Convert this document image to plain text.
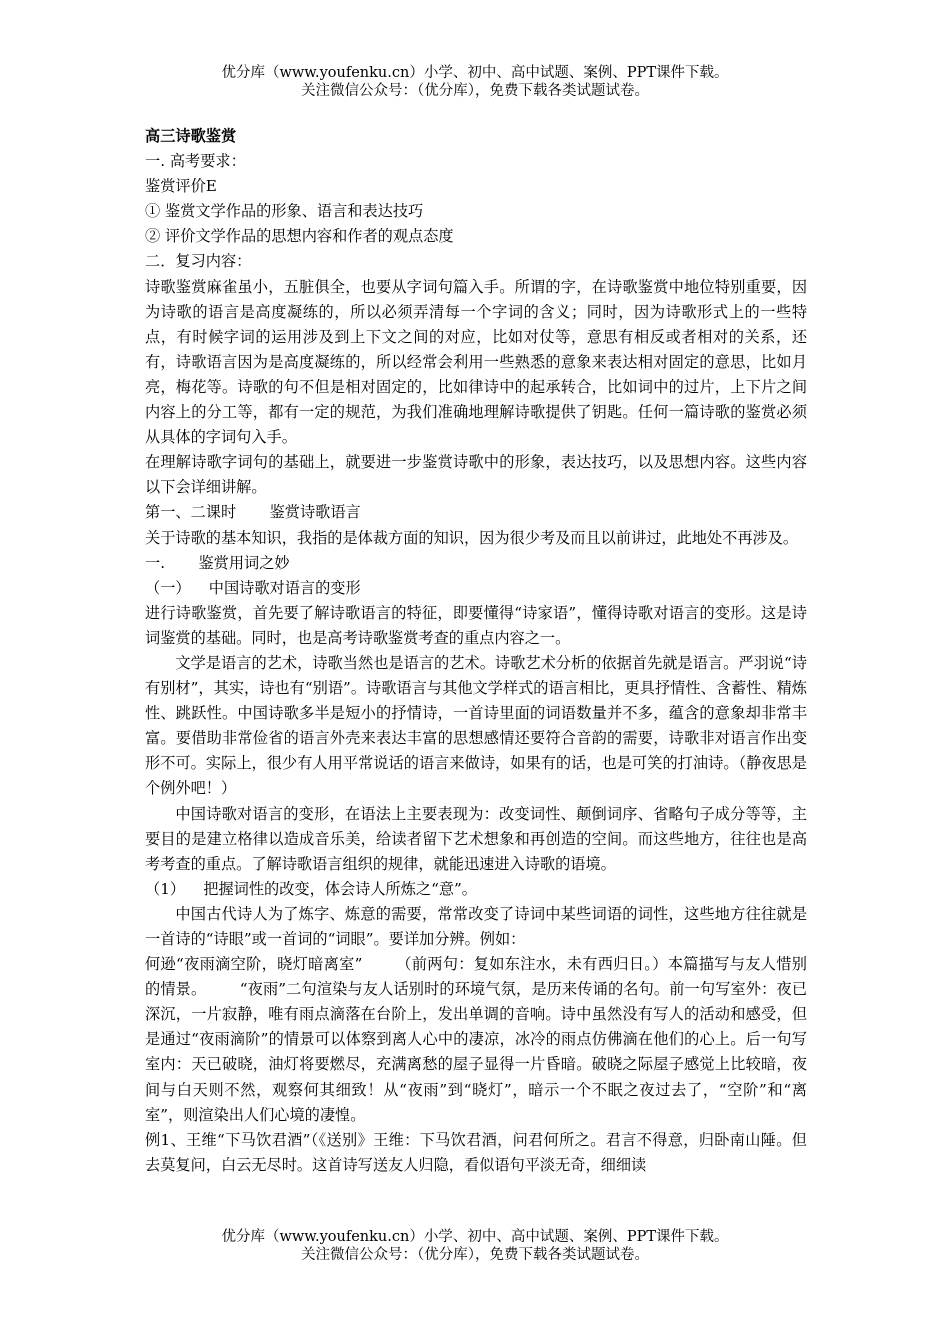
优分库（www.youfenku.cn）小学、初中、高中试题、案例、PPT课件下载。
关注微信公众号：（优分库），免费下载各类试题试卷。

高三诗歌鉴赏

一. 高考要求：

鉴赏评价E

① 鉴赏文学作品的形象、语言和表达技巧

② 评价文学作品的思想内容和作者的观点态度

二．复习内容：

诗歌鉴赏麻雀虽小，五脏俱全，也要从字词句篇入手。所谓的字，在诗歌鉴赏中地位特别重要，因为诗歌的语言是高度凝练的，所以必须弄清每一个字词的含义；同时，因为诗歌形式上的一些特点，有时候字词的运用涉及到上下文之间的对应，比如对仗等，意思有相反或者相对的关系，还有，诗歌语言因为是高度凝练的，所以经常会利用一些熟悉的意象来表达相对固定的意思，比如月亮，梅花等。诗歌的句不但是相对固定的，比如律诗中的起承转合，比如词中的过片，上下片之间内容上的分工等，都有一定的规范，为我们准确地理解诗歌提供了钥匙。任何一篇诗歌的鉴赏必须从具体的字词句入手。

在理解诗歌字词句的基础上，就要进一步鉴赏诗歌中的形象，表达技巧，以及思想内容。这些内容以下会详细讲解。

第一、二课时 鉴赏诗歌语言

关于诗歌的基本知识，我指的是体裁方面的知识，因为很少考及而且以前讲过，此地处不再涉及。

一. 鉴赏用词之妙

（一） 中国诗歌对语言的变形

进行诗歌鉴赏，首先要了解诗歌语言的特征，即要懂得“诗家语”，懂得诗歌对语言的变形。这是诗词鉴赏的基础。同时，也是高考诗歌鉴赏考查的重点内容之一。

文学是语言的艺术，诗歌当然也是语言的艺术。诗歌艺术分析的依据首先就是语言。严羽说“诗有别材”，其实，诗也有“别语”。诗歌语言与其他文学样式的语言相比，更具抒情性、含蓄性、精炼性、跳跃性。中国诗歌多半是短小的抒情诗，一首诗里面的词语数量并不多，蕴含的意象却非常丰富。要借助非常俭省的语言外壳来表达丰富的思想感情还要符合音韵的需要，诗歌非对语言作出变形不可。实际上，很少有人用平常说话的语言来做诗，如果有的话，也是可笑的打油诗。（静夜思是个例外吧！）

中国诗歌对语言的变形，在语法上主要表现为：改变词性、颠倒词序、省略句子成分等等，主要目的是建立格律以造成音乐美，给读者留下艺术想象和再创造的空间。而这些地方，往往也是高考考查的重点。了解诗歌语言组织的规律，就能迅速进入诗歌的语境。

（1） 把握词性的改变，体会诗人所炼之“意”。

中国古代诗人为了炼字、炼意的需要，常常改变了诗词中某些词语的词性，这些地方往往就是一首诗的“诗眼”或一首词的“词眼”。要详加分辨。例如：

何逊“夜雨滴空阶，晓灯暗离室” （前两句：复如东注水，未有西归日。）本篇描写与友人惜别的情景。 “夜雨”二句渲染与友人话别时的环境气氛，是历来传诵的名句。前一句写室外：夜已深沉，一片寂静，唯有雨点滴落在台阶上，发出单调的音响。诗中虽然没有写人的活动和感受，但是通过“夜雨滴阶”的情景可以体察到离人心中的凄凉，冰冷的雨点仿佛滴在他们的心上。后一句写室内：天已破晓，油灯将要燃尽，充满离愁的屋子显得一片昏暗。破晓之际屋子感觉上比较暗，夜间与白天则不然，观察何其细致！从“夜雨”到“晓灯”，暗示一个不眠之夜过去了，“空阶”和“离室”，则渲染出人们心境的凄惶。

例1、王维“下马饮君酒”（《送别》王维：下马饮君酒，问君何所之。君言不得意，归卧南山陲。但去莫复问，白云无尽时。这首诗写送友人归隐，看似语句平淡无奇，细细读

优分库（www.youfenku.cn）小学、初中、高中试题、案例、PPT课件下载。
关注微信公众号：（优分库），免费下载各类试题试卷。
